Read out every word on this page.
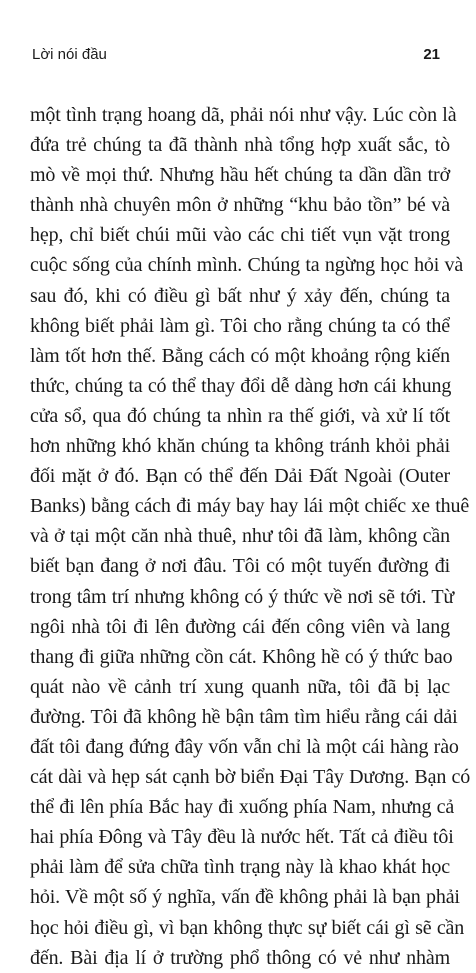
Lời nói đầu	21
một tình trạng hoang dã, phải nói như vậy. Lúc còn là
đứa trẻ chúng ta đã thành nhà tổng hợp xuất sắc, tò
mò về mọi thứ. Nhưng hầu hết chúng ta dần dần trở
thành nhà chuyên môn ở những “khu bảo tồn” bé và
hẹp, chỉ biết chúi mũi vào các chi tiết vụn vặt trong
cuộc sống của chính mình. Chúng ta ngừng học hỏi và
sau đó, khi có điều gì bất như ý xảy đến, chúng ta
không biết phải làm gì. Tôi cho rằng chúng ta có thể
làm tốt hơn thế. Bằng cách có một khoảng rộng kiến
thức, chúng ta có thể thay đổi dễ dàng hơn cái khung
cửa sổ, qua đó chúng ta nhìn ra thế giới, và xử lí tốt
hơn những khó khăn chúng ta không tránh khỏi phải
đối mặt ở đó. Bạn có thể đến Dải Đất Ngoài (Outer
Banks) bằng cách đi máy bay hay lái một chiếc xe thuê
và ở tại một căn nhà thuê, như tôi đã làm, không cần
biết bạn đang ở nơi đâu. Tôi có một tuyến đường đi
trong tâm trí nhưng không có ý thức về nơi sẽ tới. Từ
ngôi nhà tôi đi lên đường cái đến công viên và lang
thang đi giữa những cồn cát. Không hề có ý thức bao
quát nào về cảnh trí xung quanh nữa, tôi đã bị lạc
đường. Tôi đã không hề bận tâm tìm hiểu rằng cái dải
đất tôi đang đứng đây vốn vẫn chỉ là một cái hàng rào
cát dài và hẹp sát cạnh bờ biển Đại Tây Dương. Bạn có
thể đi lên phía Bắc hay đi xuống phía Nam, nhưng cả
hai phía Đông và Tây đều là nước hết. Tất cả điều tôi
phải làm để sửa chữa tình trạng này là khao khát học
hỏi. Về một số ý nghĩa, vấn đề không phải là bạn phải
học hỏi điều gì, vì bạn không thực sự biết cái gì sẽ cần
đến. Bài địa lí ở trường phổ thông có vẻ như nhàm
